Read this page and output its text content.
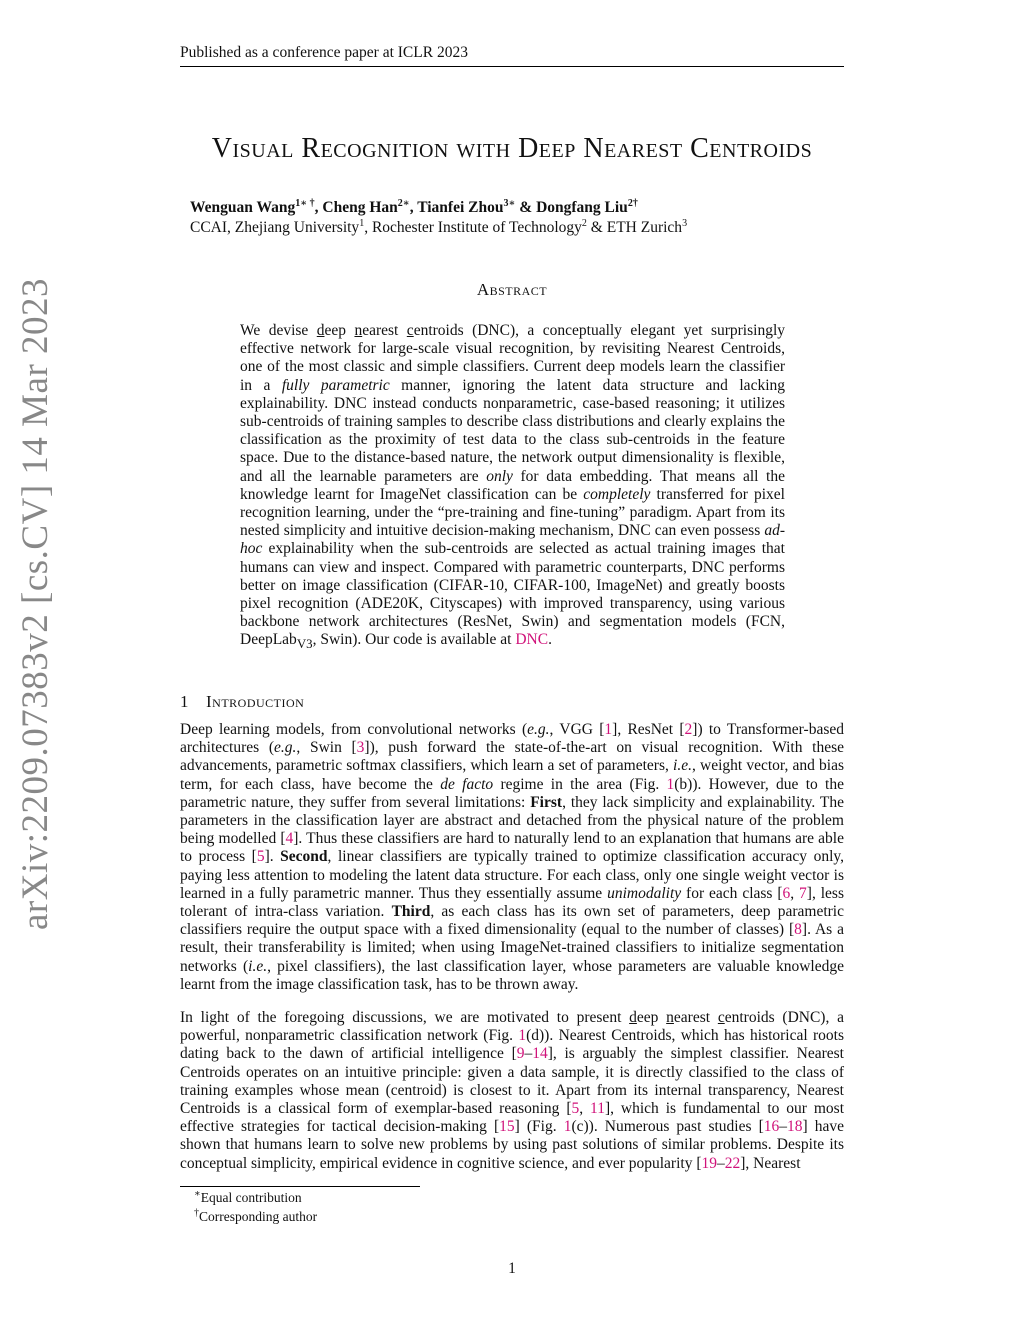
Published as a conference paper at ICLR 2023
arXiv:2209.07383v2 [cs.CV] 14 Mar 2023
Visual Recognition with Deep Nearest Centroids
Wenguan Wang$^{1∗ \dagger}$, Cheng Han$^{2∗}$, Tianfei Zhou$^{3∗}$ & Dongfang Liu$^{2\dagger}$
CCAI, Zhejiang University$^1$, Rochester Institute of Technology$^2$ & ETH Zurich$^3$
Abstract
We devise deep nearest centroids (DNC), a conceptually elegant yet surprisingly effective network for large-scale visual recognition, by revisiting Nearest Centroids, one of the most classic and simple classifiers. Current deep models learn the classifier in a fully parametric manner, ignoring the latent data structure and lacking explainability. DNC instead conducts nonparametric, case-based reasoning; it utilizes sub-centroids of training samples to describe class distributions and clearly explains the classification as the proximity of test data to the class sub-centroids in the feature space. Due to the distance-based nature, the network output dimensionality is flexible, and all the learnable parameters are only for data embedding. That means all the knowledge learnt for ImageNet classification can be completely transferred for pixel recognition learning, under the “pre-training and fine-tuning” paradigm. Apart from its nested simplicity and intuitive decision-making mechanism, DNC can even possess ad-hoc explainability when the sub-centroids are selected as actual training images that humans can view and inspect. Compared with parametric counterparts, DNC performs better on image classification (CIFAR-10, CIFAR-100, ImageNet) and greatly boosts pixel recognition (ADE20K, Cityscapes) with improved transparency, using various backbone network architectures (ResNet, Swin) and segmentation models (FCN, DeepLab$_{V3}$, Swin). Our code is available at DNC.
1 Introduction
Deep learning models, from convolutional networks (e.g., VGG [1], ResNet [2]) to Transformer-based architectures (e.g., Swin [3]), push forward the state-of-the-art on visual recognition. With these advancements, parametric softmax classifiers, which learn a set of parameters, i.e., weight vector, and bias term, for each class, have become the de facto regime in the area (Fig. 1(b)). However, due to the parametric nature, they suffer from several limitations: First, they lack simplicity and explainability. The parameters in the classification layer are abstract and detached from the physical nature of the problem being modelled [4]. Thus these classifiers are hard to naturally lend to an explanation that humans are able to process [5]. Second, linear classifiers are typically trained to optimize classification accuracy only, paying less attention to modeling the latent data structure. For each class, only one single weight vector is learned in a fully parametric manner. Thus they essentially assume unimodality for each class [6, 7], less tolerant of intra-class variation. Third, as each class has its own set of parameters, deep parametric classifiers require the output space with a fixed dimensionality (equal to the number of classes) [8]. As a result, their transferability is limited; when using ImageNet-trained classifiers to initialize segmentation networks (i.e., pixel classifiers), the last classification layer, whose parameters are valuable knowledge learnt from the image classification task, has to be thrown away.
In light of the foregoing discussions, we are motivated to present deep nearest centroids (DNC), a powerful, nonparametric classification network (Fig. 1(d)). Nearest Centroids, which has historical roots dating back to the dawn of artificial intelligence [9–14], is arguably the simplest classifier. Nearest Centroids operates on an intuitive principle: given a data sample, it is directly classified to the class of training examples whose mean (centroid) is closest to it. Apart from its internal transparency, Nearest Centroids is a classical form of exemplar-based reasoning [5, 11], which is fundamental to our most effective strategies for tactical decision-making [15] (Fig. 1(c)). Numerous past studies [16–18] have shown that humans learn to solve new problems by using past solutions of similar problems. Despite its conceptual simplicity, empirical evidence in cognitive science, and ever popularity [19–22], Nearest
∗Equal contribution
†Corresponding author
1
